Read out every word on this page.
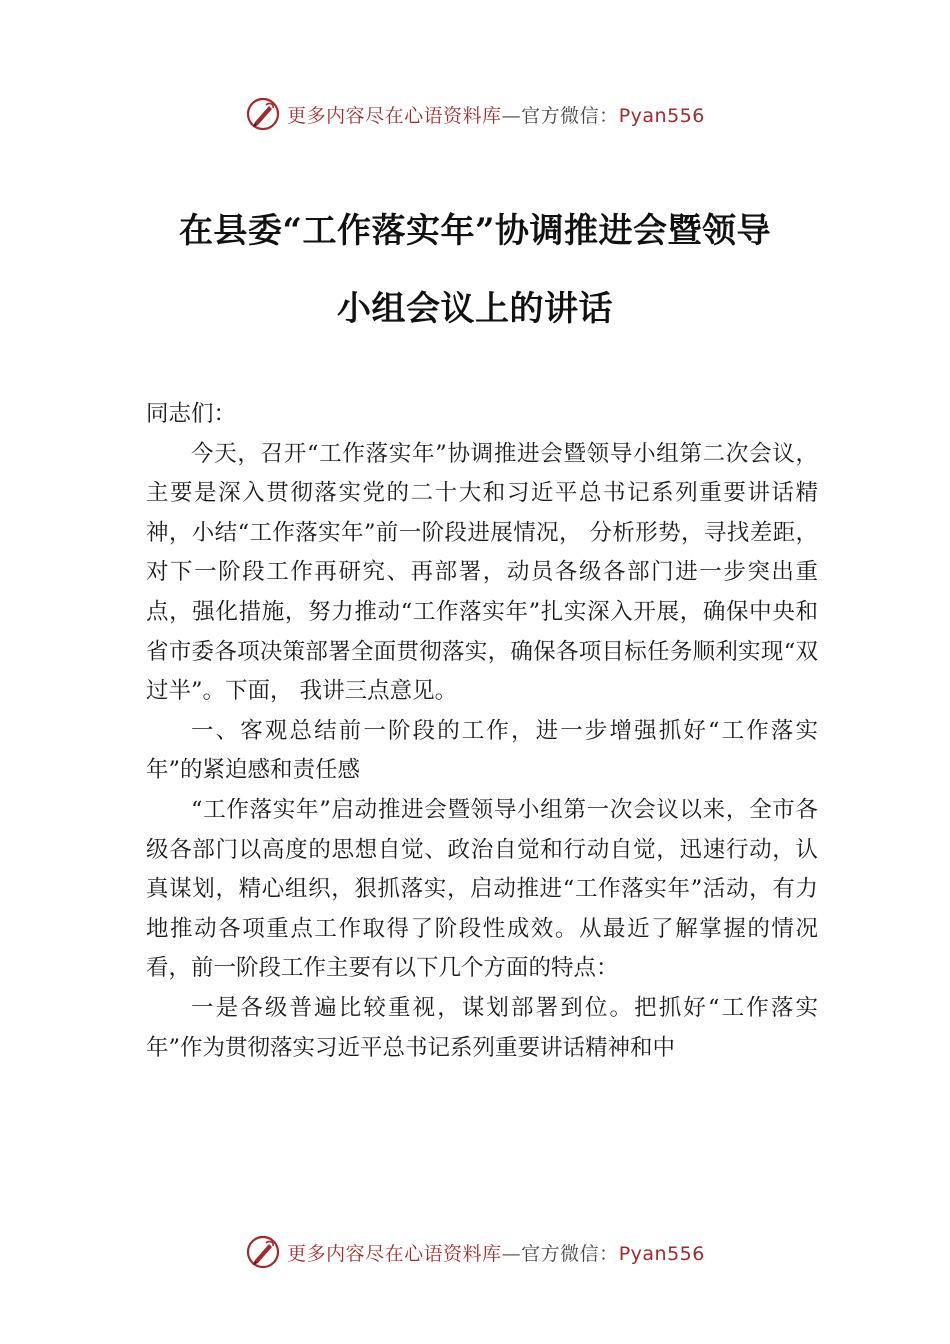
更多内容尽在心语资料库—官方微信：Pyan556
在县委“工作落实年”协调推进会暨领导
小组会议上的讲话

同志们：

今天，召开“工作落实年”协调推进会暨领导小组第二次会议，主要是深入贯彻落实党的二十大和习近平总书记系列重要讲话精神，小结“工作落实年”前一阶段进展情况， 分析形势，寻找差距，对下一阶段工作再研究、再部署，动员各级各部门进一步突出重点，强化措施，努力推动“工作落实年”扎实深入开展，确保中央和省市委各项决策部署全面贯彻落实，确保各项目标任务顺利实现“双过半”。下面， 我讲三点意见。

一、客观总结前一阶段的工作，进一步增强抓好“工作落实年”的紧迫感和责任感

“工作落实年”启动推进会暨领导小组第一次会议以来，全市各级各部门以高度的思想自觉、政治自觉和行动自觉，迅速行动，认真谋划，精心组织，狠抓落实，启动推进“工作落实年”活动，有力地推动各项重点工作取得了阶段性成效。从最近了解掌握的情况看，前一阶段工作主要有以下几个方面的特点：

一是各级普遍比较重视，谋划部署到位。把抓好“工作落实年”作为贯彻落实习近平总书记系列重要讲话精神和中

更多内容尽在心语资料库—官方微信：Pyan556
